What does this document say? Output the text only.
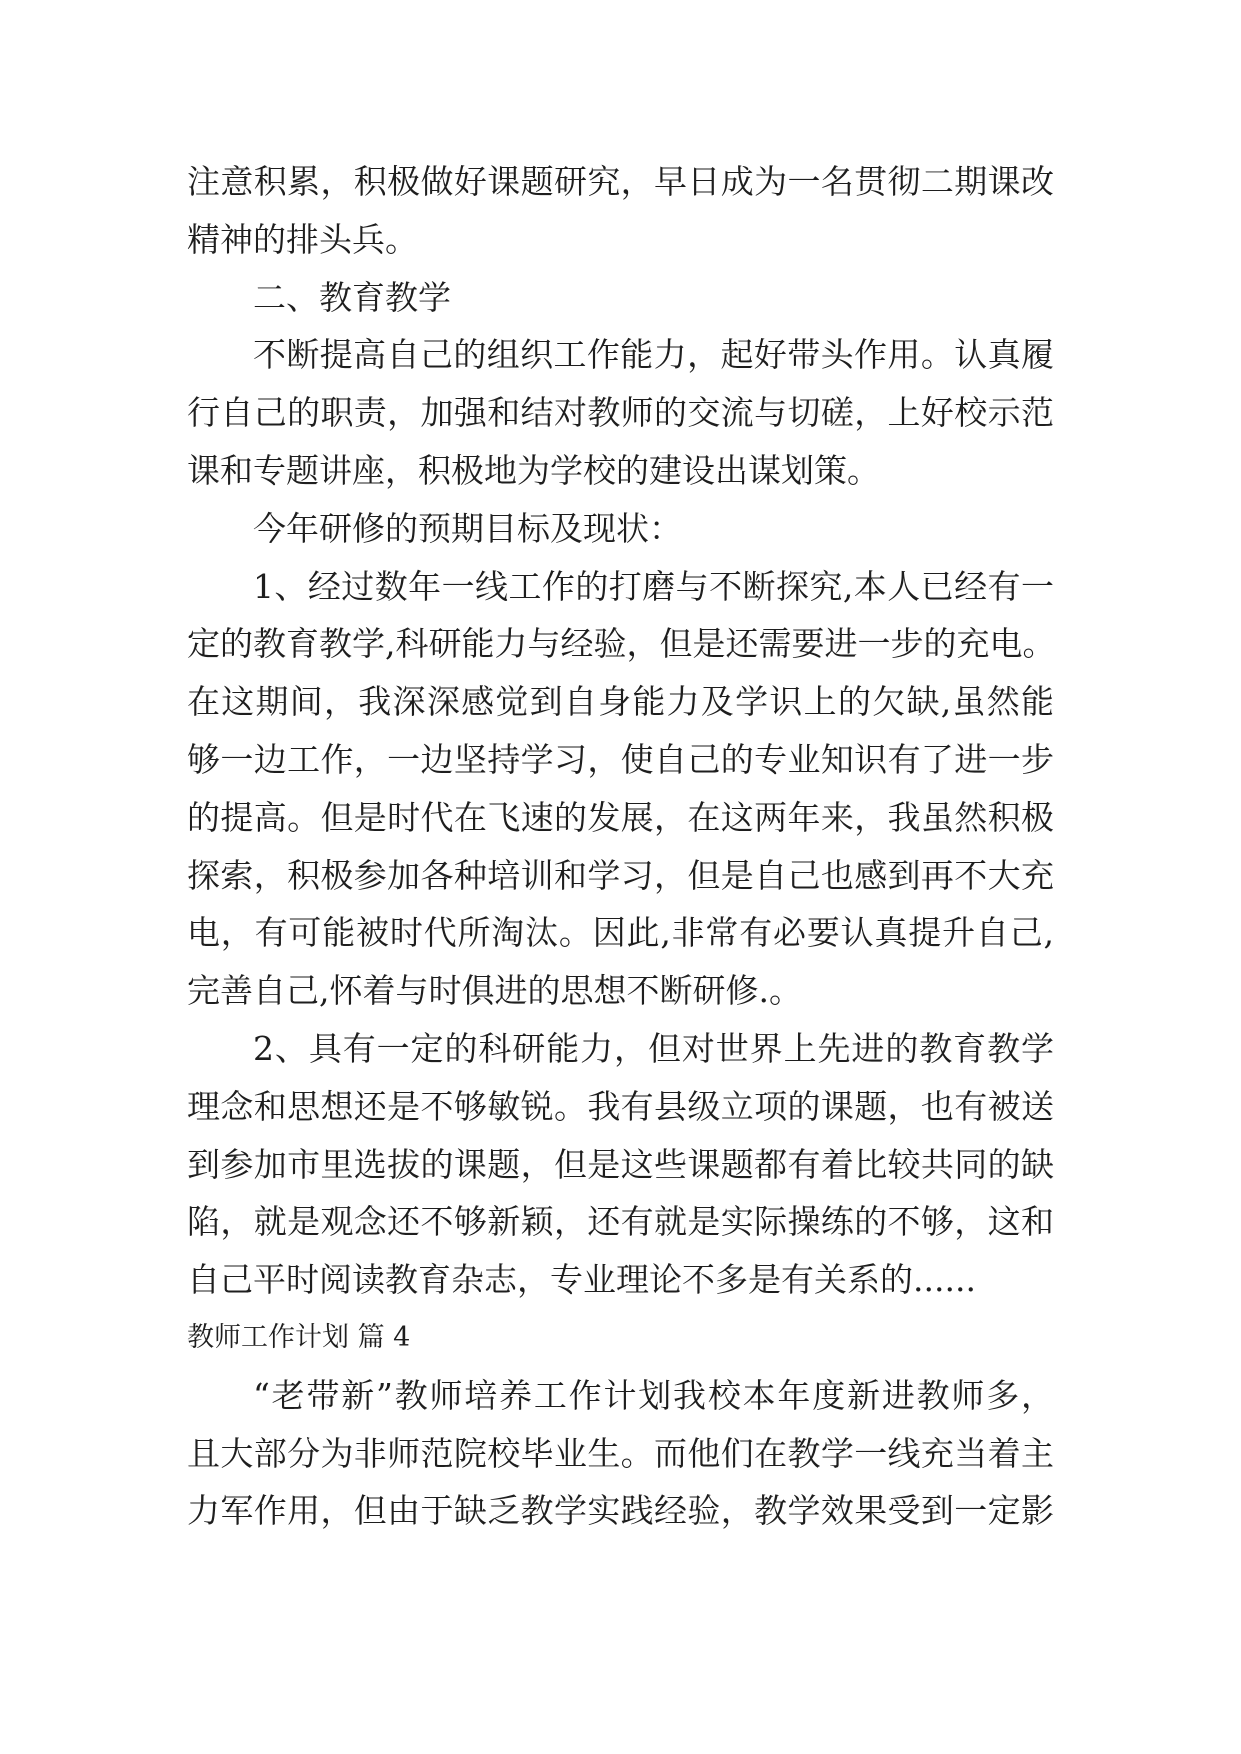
注意积累，积极做好课题研究，早日成为一名贯彻二期课改
精神的排头兵。
二、教育教学
不断提高自己的组织工作能力，起好带头作用。认真履
行自己的职责，加强和结对教师的交流与切磋，上好校示范
课和专题讲座，积极地为学校的建设出谋划策。
今年研修的预期目标及现状：
1、经过数年一线工作的打磨与不断探究,本人已经有一
定的教育教学,科研能力与经验，但是还需要进一步的充电。
在这期间，我深深感觉到自身能力及学识上的欠缺,虽然能
够一边工作，一边坚持学习，使自己的专业知识有了进一步
的提高。但是时代在飞速的发展，在这两年来，我虽然积极
探索，积极参加各种培训和学习，但是自己也感到再不大充
电，有可能被时代所淘汰。因此,非常有必要认真提升自己,
完善自己,怀着与时俱进的思想不断研修.。
2、具有一定的科研能力，但对世界上先进的教育教学
理念和思想还是不够敏锐。我有县级立项的课题，也有被送
到参加市里选拔的课题，但是这些课题都有着比较共同的缺
陷，就是观念还不够新颖，还有就是实际操练的不够，这和
自己平时阅读教育杂志，专业理论不多是有关系的......
教师工作计划 篇 4
“老带新”教师培养工作计划我校本年度新进教师多，
且大部分为非师范院校毕业生。而他们在教学一线充当着主
力军作用，但由于缺乏教学实践经验，教学效果受到一定影
